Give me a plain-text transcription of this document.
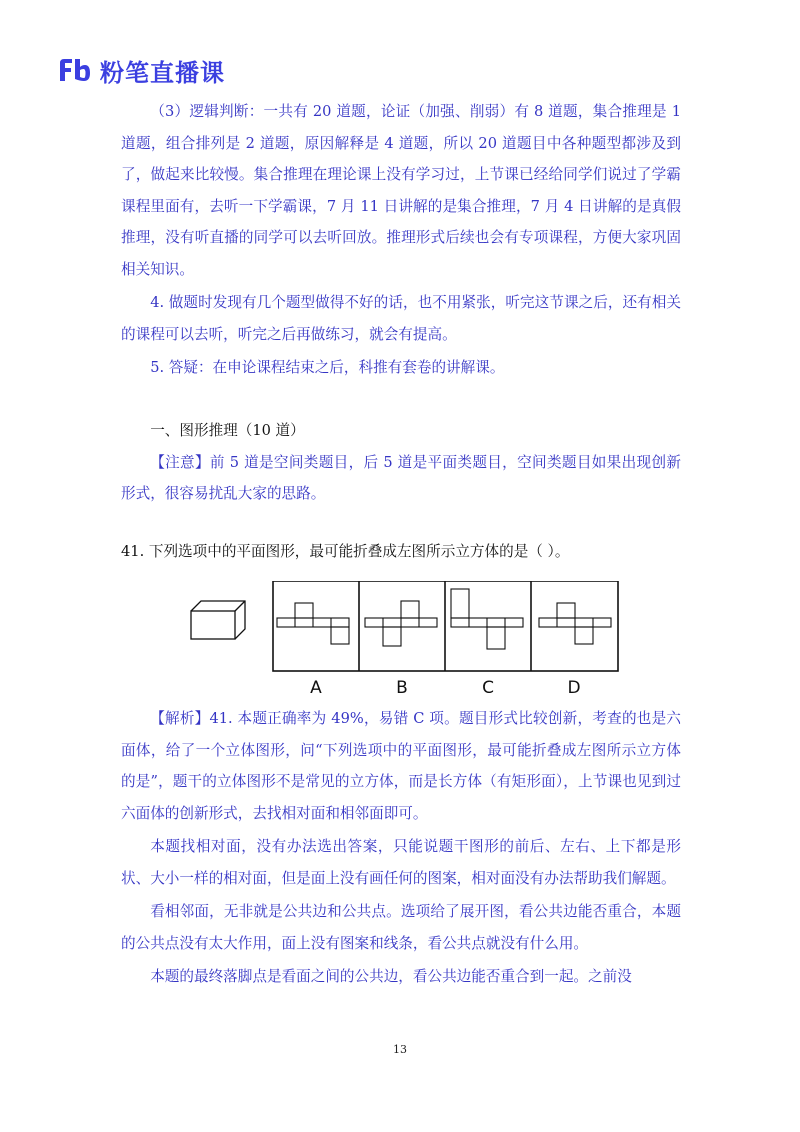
粉笔直播课

（3）逻辑判断：一共有 20 道题，论证（加强、削弱）有 8 道题，集合推理是 1 道题，组合排列是 2 道题，原因解释是 4 道题，所以 20 道题目中各种题型都涉及到了，做起来比较慢。集合推理在理论课上没有学习过，上节课已经给同学们说过了学霸课程里面有，去听一下学霸课，7 月 11 日讲解的是集合推理，7 月 4 日讲解的是真假推理，没有听直播的同学可以去听回放。推理形式后续也会有专项课程，方便大家巩固相关知识。

4. 做题时发现有几个题型做得不好的话，也不用紧张，听完这节课之后，还有相关的课程可以去听，听完之后再做练习，就会有提高。

5. 答疑：在申论课程结束之后，科推有套卷的讲解课。

一、图形推理（10 道）

【注意】前 5 道是空间类题目，后 5 道是平面类题目，空间类题目如果出现创新形式，很容易扰乱大家的思路。

41. 下列选项中的平面图形，最可能折叠成左图所示立方体的是（ ）。

A	B	C	D

【解析】41. 本题正确率为 49%，易错 C 项。题目形式比较创新，考查的也是六面体，给了一个立体图形，问“下列选项中的平面图形，最可能折叠成左图所示立方体的是”，题干的立体图形不是常见的立方体，而是长方体（有矩形面），上节课也见到过六面体的创新形式，去找相对面和相邻面即可。

本题找相对面，没有办法选出答案，只能说题干图形的前后、左右、上下都是形状、大小一样的相对面，但是面上没有画任何的图案，相对面没有办法帮助我们解题。

看相邻面，无非就是公共边和公共点。选项给了展开图，看公共边能否重合，本题的公共点没有太大作用，面上没有图案和线条，看公共点就没有什么用。

本题的最终落脚点是看面之间的公共边，看公共边能否重合到一起。之前没

13
